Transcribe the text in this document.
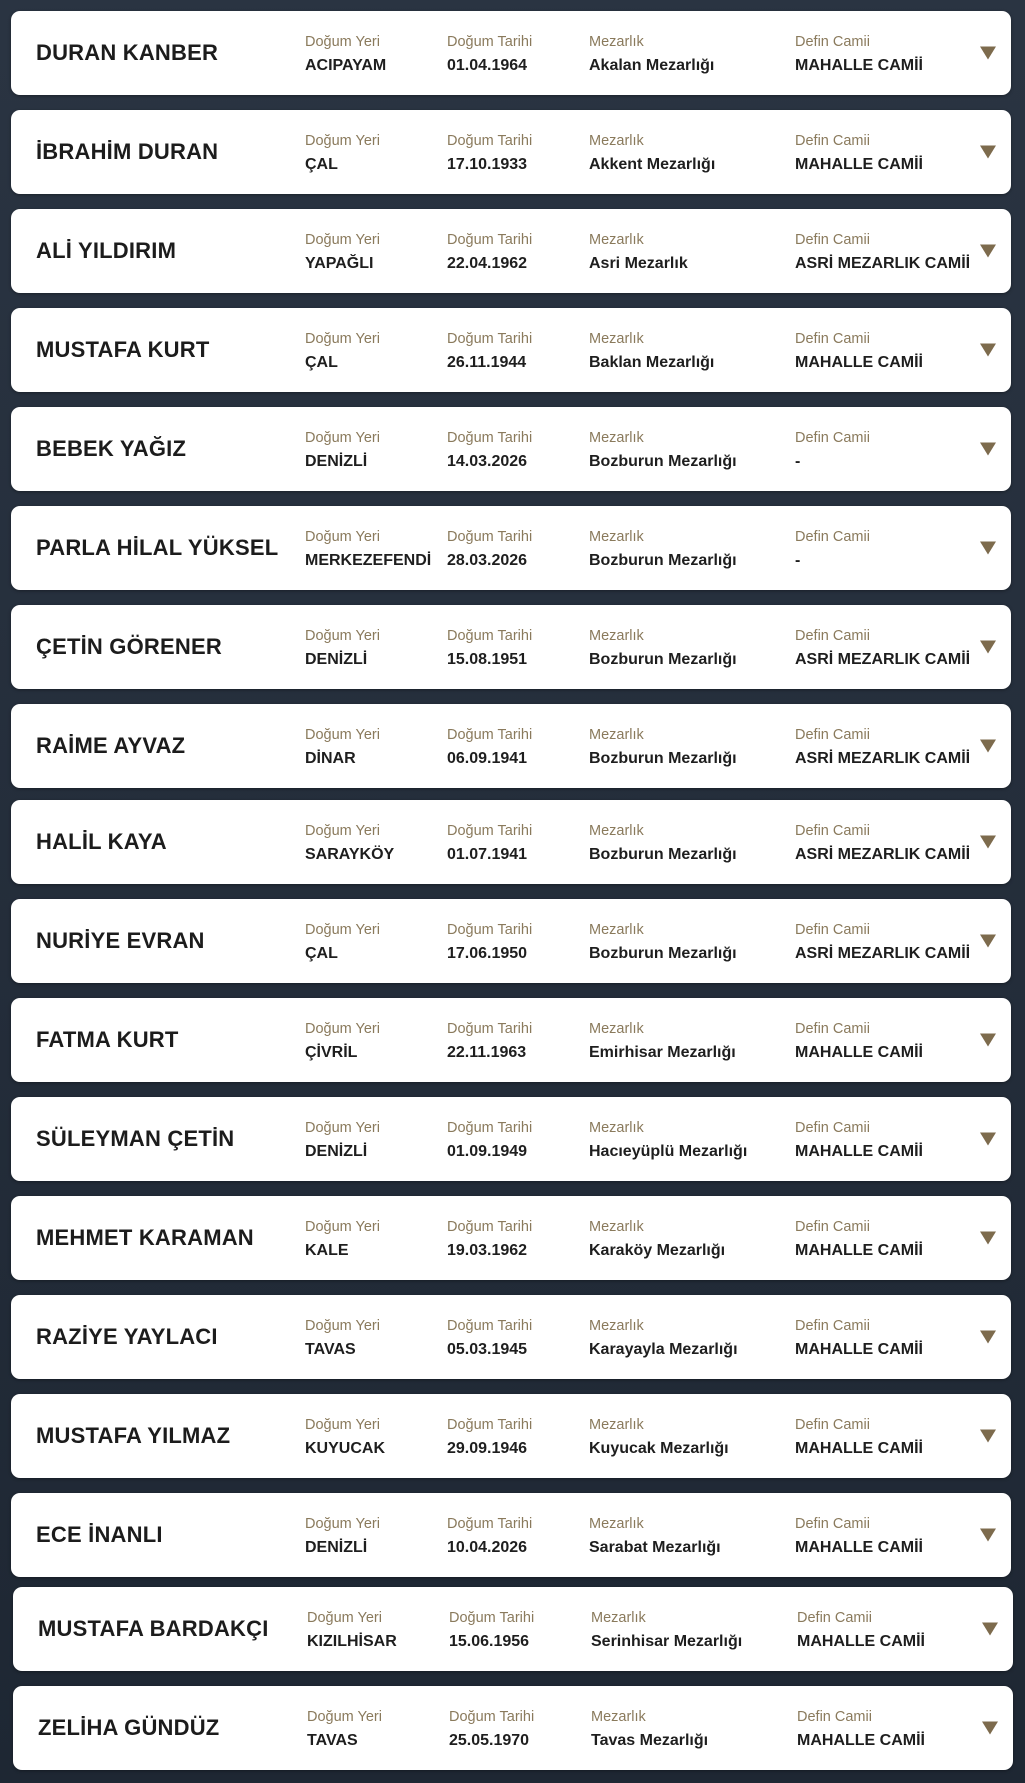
DURAN KANBER	Doğum Yeri
ACIPAYAM
Doğum Tarihi
01.04.1964
Mezarlık
Akalan Mezarlığı
Defin Camii
MAHALLE CAMİİ
İBRAHİM DURAN	Doğum Yeri
ÇAL
Doğum Tarihi
17.10.1933
Mezarlık
Akkent Mezarlığı
Defin Camii
MAHALLE CAMİİ
ALİ YILDIRIM	Doğum Yeri
YAPAĞLI
Doğum Tarihi
22.04.1962
Mezarlık
Asri Mezarlık
Defin Camii
ASRİ MEZARLIK CAMİİ
MUSTAFA KURT	Doğum Yeri
ÇAL
Doğum Tarihi
26.11.1944
Mezarlık
Baklan Mezarlığı
Defin Camii
MAHALLE CAMİİ
BEBEK YAĞIZ	Doğum Yeri
DENİZLİ
Doğum Tarihi
14.03.2026
Mezarlık
Bozburun Mezarlığı
Defin Camii
-
PARLA HİLAL YÜKSEL Doğum Yeri
MERKEZEFENDİ
Doğum Tarihi
28.03.2026
Mezarlık
Bozburun Mezarlığı
Defin Camii
-
ÇETİN GÖRENER	Doğum Yeri
DENİZLİ
Doğum Tarihi
15.08.1951
Mezarlık
Bozburun Mezarlığı
Defin Camii
ASRİ MEZARLIK CAMİİ
RAİME AYVAZ	Doğum Yeri
DİNAR
Doğum Tarihi
06.09.1941
Mezarlık
Bozburun Mezarlığı
Defin Camii
ASRİ MEZARLIK CAMİİ
HALİL KAYA	Doğum Yeri
SARAYKÖY
Doğum Tarihi
01.07.1941
Mezarlık
Bozburun Mezarlığı
Defin Camii
ASRİ MEZARLIK CAMİİ
NURİYE EVRAN	Doğum Yeri
ÇAL
Doğum Tarihi
17.06.1950
Mezarlık
Bozburun Mezarlığı
Defin Camii
ASRİ MEZARLIK CAMİİ
FATMA KURT	Doğum Yeri
ÇİVRİL
Doğum Tarihi
22.11.1963
Mezarlık
Emirhisar Mezarlığı
Defin Camii
MAHALLE CAMİİ
SÜLEYMAN ÇETİN	Doğum Yeri
DENİZLİ
Doğum Tarihi
01.09.1949
Mezarlık
Hacıeyüplü Mezarlığı
Defin Camii
MAHALLE CAMİİ
MEHMET KARAMAN	Doğum Yeri
KALE
Doğum Tarihi
19.03.1962
Mezarlık
Karaköy Mezarlığı
Defin Camii
MAHALLE CAMİİ
RAZİYE YAYLACI	Doğum Yeri
TAVAS
Doğum Tarihi
05.03.1945
Mezarlık
Karayayla Mezarlığı
Defin Camii
MAHALLE CAMİİ
MUSTAFA YILMAZ	Doğum Yeri
KUYUCAK
Doğum Tarihi
29.09.1946
Mezarlık
Kuyucak Mezarlığı
Defin Camii
MAHALLE CAMİİ
ECE İNANLI	Doğum Yeri
DENİZLİ
Doğum Tarihi
10.04.2026
Mezarlık
Sarabat Mezarlığı
Defin Camii
MAHALLE CAMİİ
MUSTAFA BARDAKÇI	Doğum Yeri
KIZILHİSAR
Doğum Tarihi
15.06.1956
Mezarlık
Serinhisar Mezarlığı
Defin Camii
MAHALLE CAMİİ
ZELİHA GÜNDÜZ	Doğum Yeri
TAVAS
Doğum Tarihi
25.05.1970
Mezarlık
Tavas Mezarlığı
Defin Camii
MAHALLE CAMİİ
